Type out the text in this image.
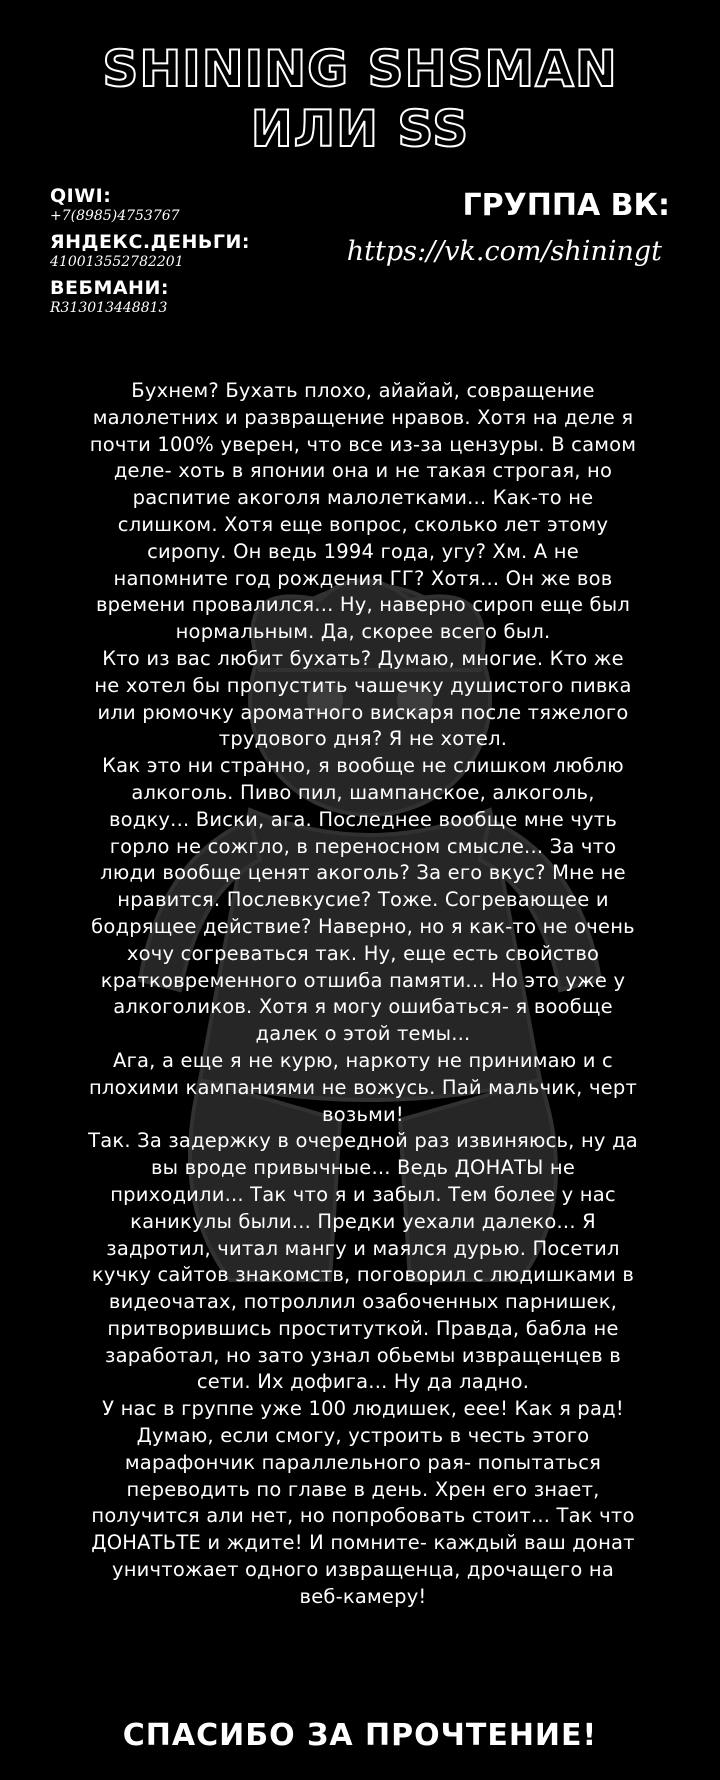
SHINING SHSMAN
ИЛИ SS
QIWI:
+7(8985)4753767
ЯНДЕКС.ДЕНЬГИ:
410013552782201
ВЕБМАНИ:
R313013448813
ГРУППА ВК:
https://vk.com/shiningt

Бухнем? Бухать плохо, айайай, совращение малолетних и развращение нравов. Хотя на деле я почти 100% уверен, что все из-за цензуры. В самом деле- хоть в японии она и не такая строгая, но распитие акоголя малолетками... Как-то не слишком. Хотя еще вопрос, сколько лет этому сиропу. Он ведь 1994 года, угу? Хм. А не напомните год рождения ГГ? Хотя... Он же вов времени провалился... Ну, наверно сироп еще был нормальным. Да, скорее всего был.

Кто из вас любит бухать? Думаю, многие. Кто же не хотел бы пропустить чашечку душистого пивка или рюмочку ароматного вискаря после тяжелого трудового дня? Я не хотел.

Как это ни странно, я вообще не слишком люблю алкоголь. Пиво пил, шампанское, алкоголь, водку... Виски, ага. Последнее вообще мне чуть горло не сожгло, в переносном смысле... За что люди вообще ценят акоголь? За его вкус? Мне не нравится. Послевкусие? Тоже. Согревающее и бодрящее действие? Наверно, но я как-то не очень хочу согреваться так. Ну, еще есть свойство кратковременного отшиба памяти... Но это уже у алкоголиков. Хотя я могу ошибаться- я вообще далек о этой темы...

Ага, а еще я не курю, наркоту не принимаю и с плохими кампаниями не вожусь. Пай мальчик, черт возьми!

Так. За задержку в очередной раз извиняюсь, ну да вы вроде привычные... Ведь ДОНАТЫ не приходили... Так что я и забыл. Тем более у нас каникулы были... Предки уехали далеко... Я задротил, читал мангу и маялся дурью. Посетил кучку сайтов знакомств, поговорил с людишками в видеочатах, потроллил озабоченных парнишек, притворившись проституткой. Правда, бабла не заработал, но зато узнал обьемы извращенцев в сети. Их дофига... Ну да ладно.

У нас в группе уже 100 людишек, еее! Как я рад! Думаю, если смогу, устроить в честь этого марафончик параллельного рая- попытаться переводить по главе в день. Хрен его знает, получится али нет, но попробовать стоит... Так что ДОНАТЬТЕ и ждите! И помните- каждый ваш донат уничтожает одного извращенца, дрочащего на веб-камеру!

СПАСИБО ЗА ПРОЧТЕНИЕ!
